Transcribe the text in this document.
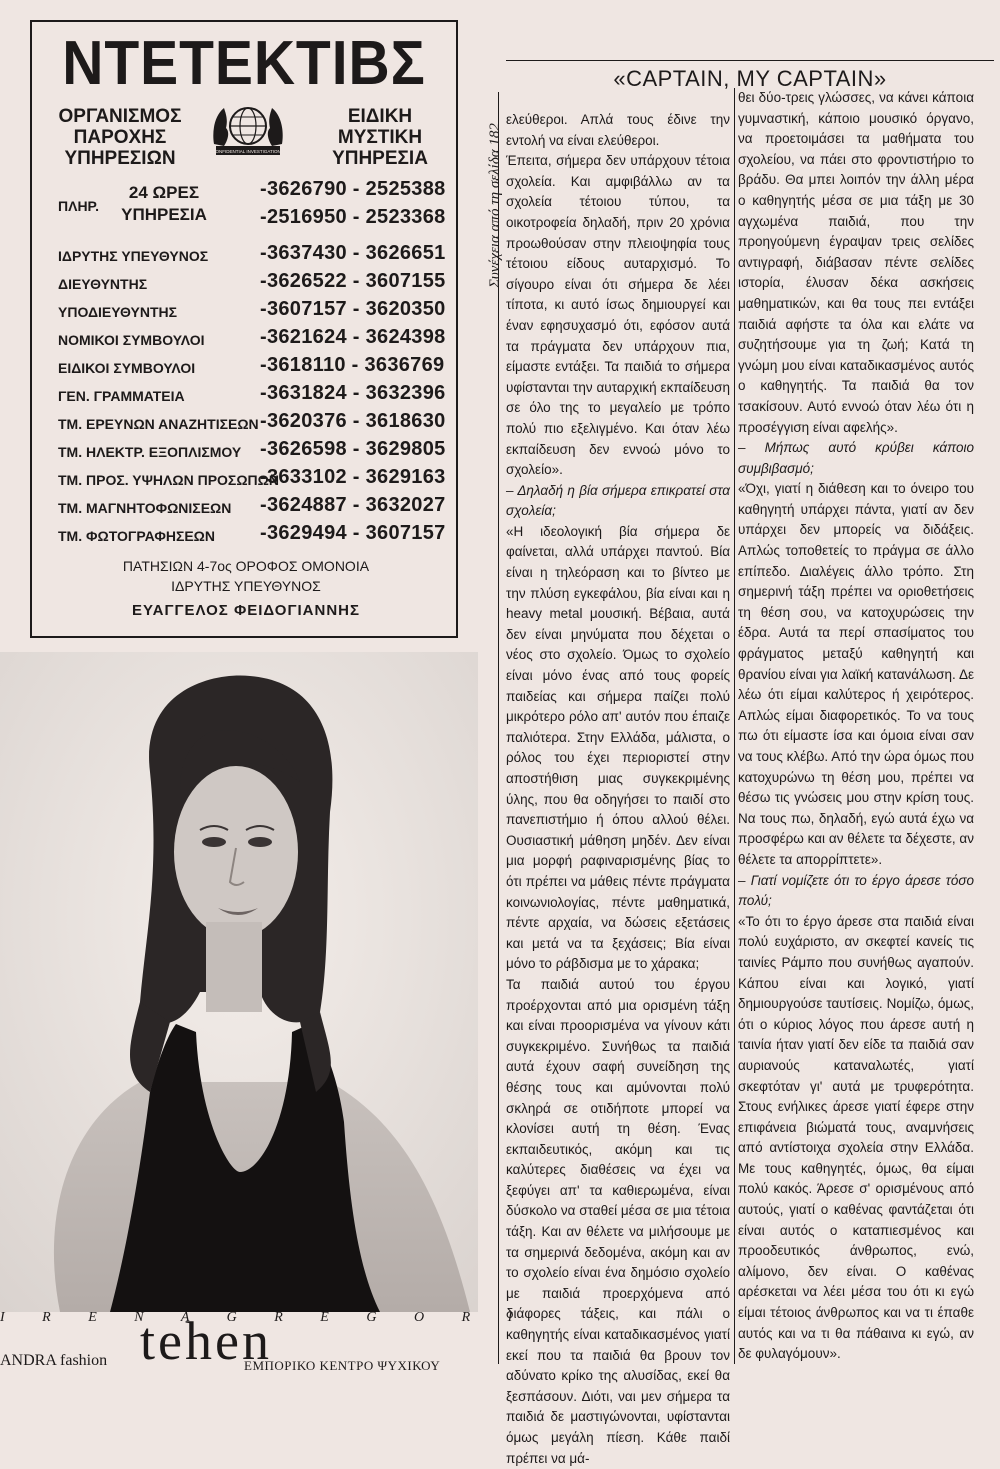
ΝΤΕΤΕΚΤΙΒΣ
ΟΡΓΑΝΙΣΜΟΣ
ΠΑΡΟΧΗΣ
ΥΠΗΡΕΣΙΩΝ	CONFIDENTIAL INVESTIGATIONS
ΕΙΔΙΚΗ
ΜΥΣΤΙΚΗ
ΥΠΗΡΕΣΙΑ
ΠΛΗΡ.
24 ΩΡΕΣ
ΥΠΗΡΕΣΙΑ
-3626790 - 2525388
-2516950 - 2523368
ΙΔΡΥΤΗΣ ΥΠΕΥΘΥΝΟΣ	-3637430 - 3626651
ΔΙΕΥΘΥΝΤΗΣ	-3626522 - 3607155
ΥΠΟΔΙΕΥΘΥΝΤΗΣ	-3607157 - 3620350
ΝΟΜΙΚΟΙ ΣΥΜΒΟΥΛΟΙ	-3621624 - 3624398
ΕΙΔΙΚΟΙ ΣΥΜΒΟΥΛΟΙ	-3618110 - 3636769
ΓΕΝ. ΓΡΑΜΜΑΤΕΙΑ	-3631824 - 3632396
ΤΜ. ΕΡΕΥΝΩΝ ΑΝΑΖΗΤΙΣΕΩΝ -3620376 - 3618630
ΤΜ. ΗΛΕΚΤΡ. ΕΞΟΠΛΙΣΜΟΥ -3626598 - 3629805
ΤΜ. ΠΡΟΣ. ΥΨΗΛΩΝ ΠΡΟΣΩΠΩΝ
-3633102 - 3629163
ΤΜ. ΜΑΓΝΗΤΟΦΩΝΙΣΕΩΝ -3624887 - 3632027
ΤΜ. ΦΩΤΟΓΡΑΦΗΣΕΩΝ -3629494 - 3607157
ΠΑΤΗΣΙΩΝ 4-7ος ΟΡΟΦΟΣ ΟΜΟΝΟΙΑ
ΙΔΡΥΤΗΣ ΥΠΕΥΘΥΝΟΣ
ΕΥΑΓΓΕΛΟΣ ΦΕΙΔΟΓΙΑΝΝΗΣ
I R E N A G R E G O R I
tehen
ANDRA fashion	ΕΜΠΟΡΙΚΟ ΚΕΝΤΡΟ ΨΥΧΙΚΟΥ
«CAPTAIN, MY CAPTAIN»
Συνέχεια από τη σελίδα 182

ελεύθεροι. Απλά τους έδινε την εντολή να είναι ελεύθεροι.

Έπειτα, σήμερα δεν υπάρχουν τέτοια σχολεία. Και αμφιβάλλω αν τα σχολεία τέτοιου τύπου, τα οικοτροφεία δηλαδή, πριν 20 χρόνια προωθούσαν στην πλειοψηφία τους τέτοιου είδους αυταρχισμό. Το σίγουρο είναι ότι σήμερα δε λέει τίποτα, κι αυτό ίσως δημιουργεί και έναν εφησυχασμό ότι, εφόσον αυτά τα πράγματα δεν υπάρχουν πια, είμαστε εντάξει. Τα παιδιά το σήμερα υφίστανται την αυταρχική εκπαίδευση σε όλο της το μεγαλείο με τρόπο πολύ πιο εξελιγμένο. Και όταν λέω εκπαίδευση δεν εννοώ μόνο το σχολείο».

– Δηλαδή η βία σήμερα επικρατεί στα σχολεία;

«Η ιδεολογική βία σήμερα δε φαίνεται, αλλά υπάρχει παντού. Βία είναι η τηλεόραση και το βίντεο με την πλύση εγκεφάλου, βία είναι και η heavy metal μουσική. Βέβαια, αυτά δεν είναι μηνύματα που δέχεται ο νέος στο σχολείο. Όμως το σχολείο είναι μόνο ένας από τους φορείς παιδείας και σήμερα παίζει πολύ μικρότερο ρόλο απ' αυτόν που έπαιζε παλιότερα. Στην Ελλάδα, μάλιστα, ο ρόλος του έχει περιοριστεί στην αποστήθιση μιας συγκεκριμένης ύλης, που θα οδηγήσει το παιδί στο πανεπιστήμιο ή όπου αλλού θέλει. Ουσιαστική μάθηση μηδέν. Δεν είναι μια μορφή ραφιναρισμένης βίας το ότι πρέπει να μάθεις πέντε πράγματα κοινωνιολογίας, πέντε μαθηματικά, πέντε αρχαία, να δώσεις εξετάσεις και μετά να τα ξεχάσεις; Βία είναι μόνο το ράβδισμα με το χάρακα;

Τα παιδιά αυτού του έργου προέρχονται από μια ορισμένη τάξη και είναι προορισμένα να γίνουν κάτι συγκεκριμένο. Συνήθως τα παιδιά αυτά έχουν σαφή συνείδηση της θέσης τους και αμύνονται πολύ σκληρά σε οτιδήποτε μπορεί να κλονίσει αυτή τη θέση. Ένας εκπαιδευτικός, ακόμη και τις καλύτερες διαθέσεις να έχει να ξεφύγει απ' τα καθιερωμένα, είναι δύσκολο να σταθεί μέσα σε μια τέτοια τάξη. Και αν θέλετε να μιλήσουμε με τα σημερινά δεδομένα, ακόμη και αν το σχολείο είναι ένα δημόσιο σχολείο με παιδιά προερχόμενα από διάφορες τάξεις, και πάλι ο καθηγητής είναι καταδικασμένος γιατί εκεί που τα παιδιά θα βρουν τον αδύνατο κρίκο της αλυσίδας, εκεί θα ξεσπάσουν. Διότι, ναι μεν σήμερα τα παιδιά δε μαστιγώνονται, υφίστανται όμως μεγάλη πίεση. Κάθε παιδί πρέπει να μά-

θει δύο-τρεις γλώσσες, να κάνει κάποια γυμναστική, κάποιο μουσικό όργανο, να προετοιμάσει τα μαθήματα του σχολείου, να πάει στο φροντιστήριο το βράδυ. Θα μπει λοιπόν την άλλη μέρα ο καθηγητής μέσα σε μια τάξη με 30 αγχωμένα παιδιά, που την προηγούμενη έγραψαν τρεις σελίδες αντιγραφή, διάβασαν πέντε σελίδες ιστορία, έλυσαν δέκα ασκήσεις μαθηματικών, και θα τους πει εντάξει παιδιά αφήστε τα όλα και ελάτε να συζητήσουμε για τη ζωή; Κατά τη γνώμη μου είναι καταδικασμένος αυτός ο καθηγητής. Τα παιδιά θα τον τσακίσουν. Αυτό εννοώ όταν λέω ότι η προσέγγιση είναι αφελής».

– Μήπως αυτό κρύβει κάποιο συμβιβασμό;

«Όχι, γιατί η διάθεση και το όνειρο του καθηγητή υπάρχει πάντα, γιατί αν δεν υπάρχει δεν μπορείς να διδάξεις. Απλώς τοποθετείς το πράγμα σε άλλο επίπεδο. Διαλέγεις άλλο τρόπο. Στη σημερινή τάξη πρέπει να οριοθετήσεις τη θέση σου, να κατοχυρώσεις την έδρα. Αυτά τα περί σπασίματος του φράγματος μεταξύ καθηγητή και θρανίου είναι για λαϊκή κατανάλωση. Δε λέω ότι είμαι καλύτερος ή χειρότερος. Απλώς είμαι διαφορετικός. Το να τους πω ότι είμαστε ίσα και όμοια είναι σαν να τους κλέβω. Από την ώρα όμως που κατοχυρώνω τη θέση μου, πρέπει να θέσω τις γνώσεις μου στην κρίση τους. Να τους πω, δηλαδή, εγώ αυτά έχω να προσφέρω και αν θέλετε τα δέχεστε, αν θέλετε τα απορρίπτετε».

– Γιατί νομίζετε ότι το έργο άρεσε τόσο πολύ;

«Το ότι το έργο άρεσε στα παιδιά είναι πολύ ευχάριστο, αν σκεφτεί κανείς τις ταινίες Ράμπο που συνήθως αγαπούν. Κάπου είναι και λογικό, γιατί δημιουργούσε ταυτίσεις. Νομίζω, όμως, ότι ο κύριος λόγος που άρεσε αυτή η ταινία ήταν γιατί δεν είδε τα παιδιά σαν αυριανούς καταναλωτές, γιατί σκεφτόταν γι' αυτά με τρυφερότητα. Στους ενήλικες άρεσε γιατί έφερε στην επιφάνεια βιώματά τους, αναμνήσεις από αντίστοιχα σχολεία στην Ελλάδα. Με τους καθηγητές, όμως, θα είμαι πολύ κακός. Άρεσε σ' ορισμένους από αυτούς, γιατί ο καθένας φαντάζεται ότι είναι αυτός ο καταπιεσμένος και προοδευτικός άνθρωπος, ενώ, αλίμονο, δεν είναι. Ο καθένας αρέσκεται να λέει μέσα του ότι κι εγώ είμαι τέτοιος άνθρωπος και να τι έπαθε αυτός και να τι θα πάθαινα κι εγώ, αν δε φυλαγόμουν».
